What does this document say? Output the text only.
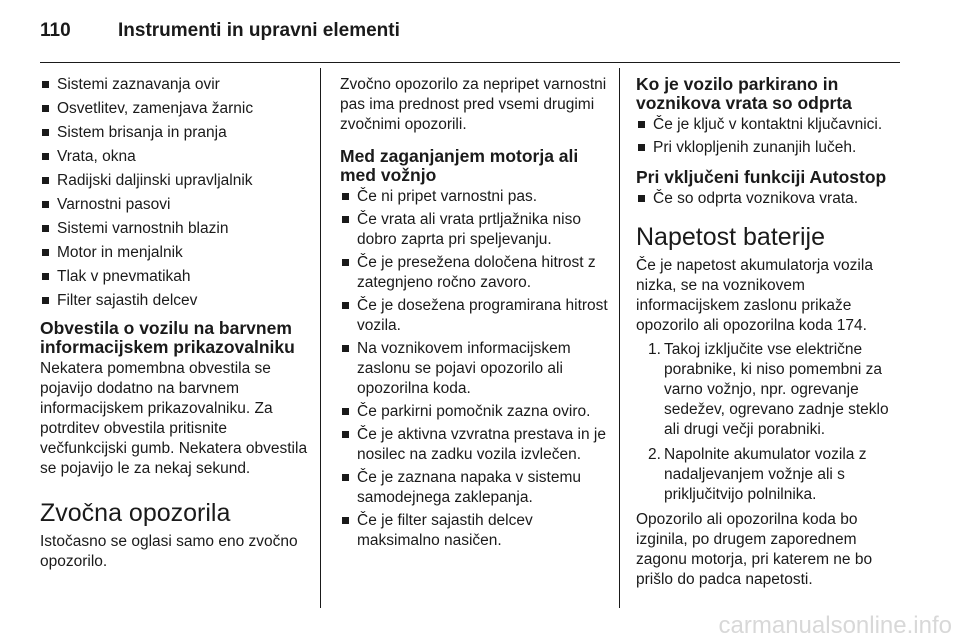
110 Instrumenti in upravni elementi
Sistemi zaznavanja ovir
Osvetlitev, zamenjava žarnic
Sistem brisanja in pranja
Vrata, okna
Radijski daljinski upravljalnik
Varnostni pasovi
Sistemi varnostnih blazin
Motor in menjalnik
Tlak v pnevmatikah
Filter sajastih delcev
Obvestila o vozilu na barvnem informacijskem prikazovalniku

Nekatera pomembna obvestila se pojavijo dodatno na barvnem informacijskem prikazovalniku. Za potrditev obvestila pritisnite večfunkcijski gumb. Nekatera obvestila se pojavijo le za nekaj sekund.

Zvočna opozorila

Istočasno se oglasi samo eno zvočno opozorilo.

Zvočno opozorilo za nepripet varnostni pas ima prednost pred vsemi drugimi zvočnimi opozorili.

Med zaganjanjem motorja ali med vožnjo
Če ni pripet varnostni pas.
Če vrata ali vrata prtljažnika niso dobro zaprta pri speljevanju.
Če je presežena določena hitrost z zategnjeno ročno zavoro.
Če je dosežena programirana hitrost vozila.
Na voznikovem informacijskem zaslonu se pojavi opozorilo ali opozorilna koda.
Če parkirni pomočnik zazna oviro.
Če je aktivna vzvratna prestava in je nosilec na zadku vozila izvlečen.
Če je zaznana napaka v sistemu samodejnega zaklepanja.
Če je filter sajastih delcev maksimalno nasičen.
Ko je vozilo parkirano in voznikova vrata so odprta
Če je ključ v kontaktni ključavnici.
Pri vklopljenih zunanjih lučeh.
Pri vključeni funkciji Autostop
Če so odprta voznikova vrata.
Napetost baterije

Če je napetost akumulatorja vozila nizka, se na voznikovem informacijskem zaslonu prikaže opozorilo ali opozorilna koda 174.

1. Takoj izključite vse električne porabnike, ki niso pomembni za varno vožnjo, npr. ogrevanje sedežev, ogrevano zadnje steklo ali drugi večji porabniki.
2. Napolnite akumulator vozila z nadaljevanjem vožnje ali s priključitvijo polnilnika.

Opozorilo ali opozorilna koda bo izginila, po drugem zaporednem zagonu motorja, pri katerem ne bo prišlo do padca napetosti.

carmanualsonline.info
